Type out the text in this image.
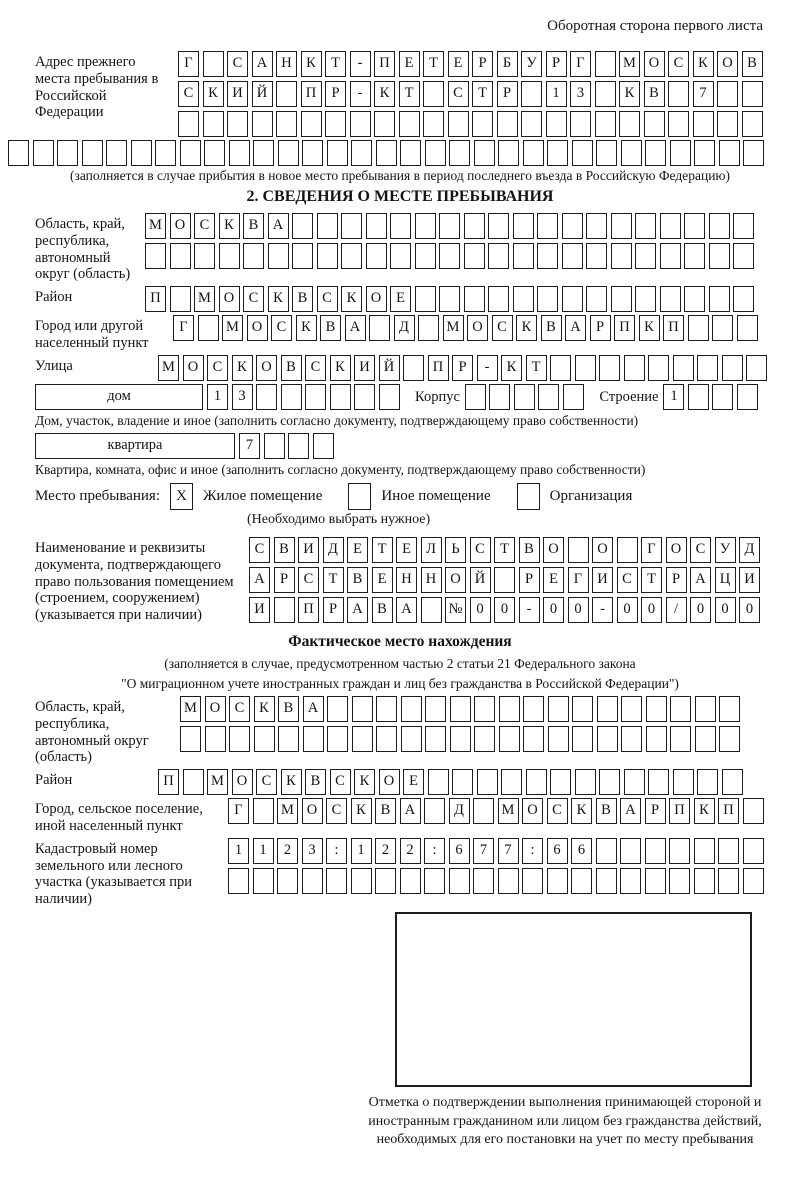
Оборотная сторона первого листа
Адрес прежнего места пребывания в Российской Федерации
Г	С А Н К	Т	-	П	Е	Т	Е	Р	Б	У	Р	Г	М О С	К О В
С	К И Й	П	Р	-	К	Т	С	Т	Р	1	3	К	В	7
(заполняется в случае прибытия в новое место пребывания в период последнего въезда в Российскую Федерацию)
2. СВЕДЕНИЯ О МЕСТЕ ПРЕБЫВАНИЯ
Область, край, республика, автономный округ (область)
М О С	К	В А
Район	П	М О С	К	В	С	К О	Е
Город или другой населенный пункт
Г	М О С	К	В А	Д	М О С	К	В А	Р	П К П
Улица	М О С	К О В	С	К И Й	П	Р	-	К	Т
дом	1	3	Корпус	Строение 1
Дом, участок, владение и иное (заполнить согласно документу, подтверждающему право собственности)
квартира	7
Квартира, комната, офис и иное (заполнить согласно документу, подтверждающему право собственности)
Место пребывания:	X	Жилое помещение	Иное помещение	Организация
(Необходимо выбрать нужное)
Наименование и реквизиты документа, подтверждающего право пользования помещением (строением, сооружением) (указывается при наличии)
С	В И Д	Е	Т	Е	Л	Ь	С	Т	В О	О	Г	О С	У Д
А	Р	С	Т	В	Е	Н Н О Й	Р	Е	Г	И С	Т	Р	А Ц И
И	П	Р	А В А	№ 0	0	-	0	0	-	0	0	/	0	0	0
Фактическое место нахождения
(заполняется в случае, предусмотренном частью 2 статьи 21 Федерального закона
"О миграционном учете иностранных граждан и лиц без гражданства в Российской Федерации")
Область, край, республика, автономный округ (область)
М О С	К	В А
Район	П	М О С	К	В	С	К О	Е
Город, сельское поселение, иной населенный пункт
Г	М О С	К	В А	Д	М О С	К	В А	Р	П К П
Кадастровый номер земельного или лесного участка (указывается при наличии)
1	1	2	3	:	1	2	2	:	6	7	7	:	6	6
Отметка о подтверждении выполнения принимающей стороной и иностранным гражданином или лицом без гражданства действий, необходимых для его постановки на учет по месту пребывания
